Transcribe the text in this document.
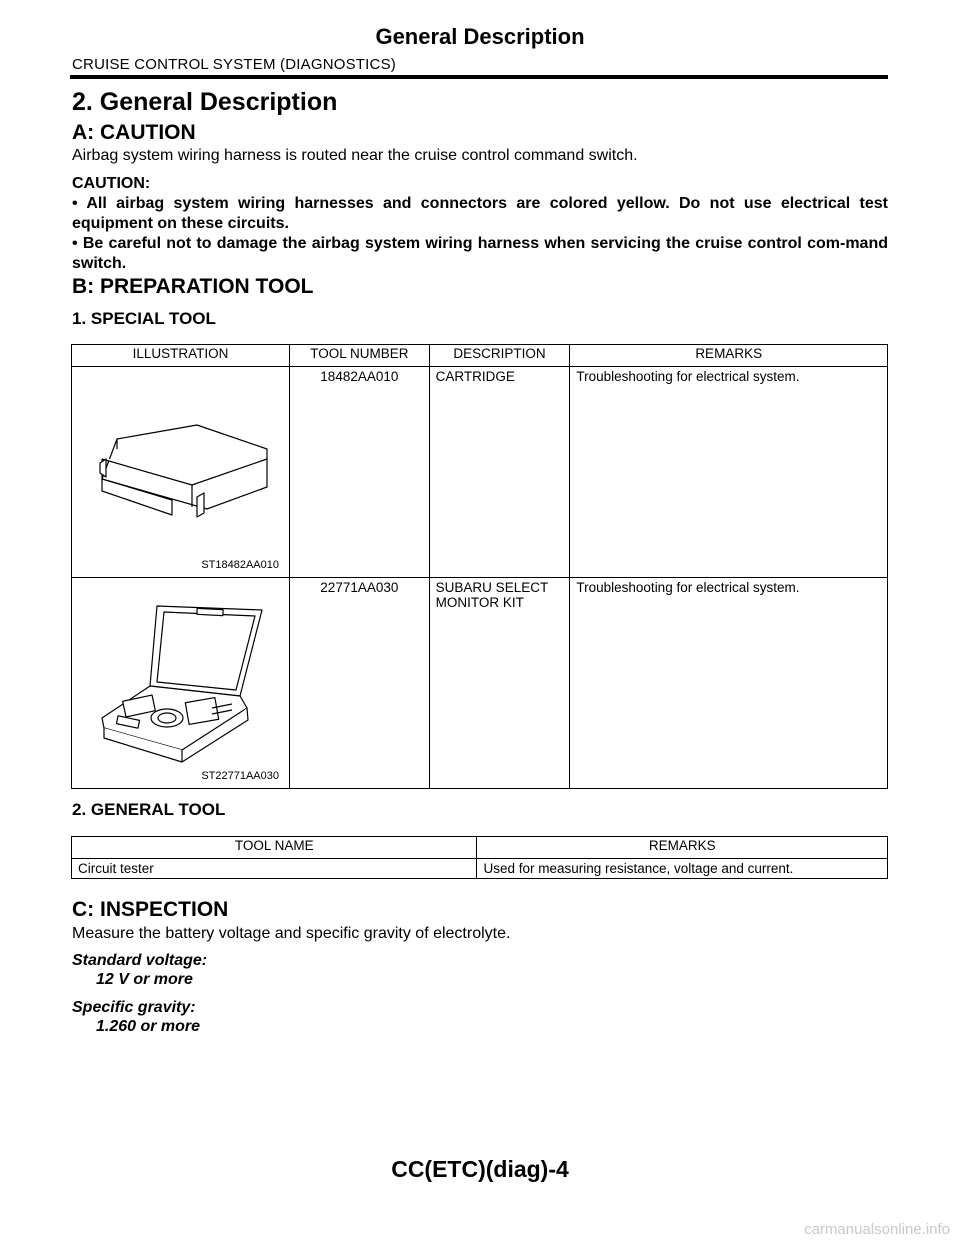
General Description
CRUISE CONTROL SYSTEM (DIAGNOSTICS)
2. General Description
A: CAUTION
Airbag system wiring harness is routed near the cruise control command switch.
CAUTION:
• All airbag system wiring harnesses and connectors are colored yellow. Do not use electrical test equipment on these circuits.
• Be careful not to damage the airbag system wiring harness when servicing the cruise control com-mand switch.
B: PREPARATION TOOL
1. SPECIAL TOOL
ILLUSTRATION	TOOL NUMBER	DESCRIPTION	REMARKS

ST18482AA010	18482AA010	CARTRIDGE	Troubleshooting for electrical system.

ST22771AA030	22771AA030	SUBARU SELECT
MONITOR KIT	Troubleshooting for electrical system.
2. GENERAL TOOL
TOOL NAME	REMARKS
Circuit tester	Used for measuring resistance, voltage and current.
C: INSPECTION
Measure the battery voltage and specific gravity of electrolyte.
Standard voltage:
12 V or more
Specific gravity:
1.260 or more
CC(ETC)(diag)-4
carmanualsonline.info
